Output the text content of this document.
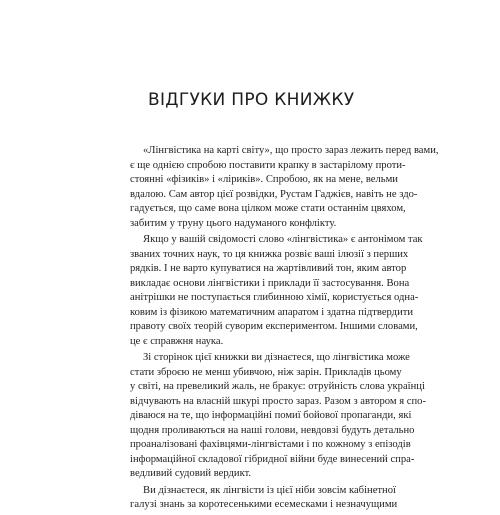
ВІДГУКИ ПРО КНИЖКУ

«Лінгвістика на карті світу», що просто зараз лежить перед вами,
є ще однією спробою поставити крапку в застарілому проти-
стоянні «фізиків» і «ліриків». Спробою, як на мене, вельми
вдалою. Сам автор цієї розвідки, Рустам Гаджієв, навіть не здо-
гадується, що саме вона цілком може стати останнім цвяхом,
забитим у труну цього надуманого конфлікту.

Якщо у вашій свідомості слово «лінгвістика» є антонімом так
званих точних наук, то ця книжка розвіє ваші ілюзії з перших
рядків. І не варто купуватися на жартівливий тон, яким автор
викладає основи лінгвістики і приклади її застосування. Вона
анітрішки не поступається глибинною хімії, користується одна-
ковим із фізикою математичним апаратом і здатна підтвердити
правоту своїх теорій суворим експериментом. Іншими словами,
це є справжня наука.

Зі сторінок цієї книжки ви дізнаєтеся, що лінгвістика може
стати зброєю не менш убивчою, ніж зарін. Прикладів цьому
у світі, на превеликий жаль, не бракує: отруйність слова українці
відчувають на власній шкурі просто зараз. Разом з автором я спо-
діваюся на те, що інформаційні помиї бойової пропаганди, які
щодня проливаються на наші голови, невдовзі будуть детально
проаналізовані фахівцями-лінгвістами і по кожному з епізодів
інформаційної складової гібридної війни буде винесений спра-
ведливий судовий вердикт.

Ви дізнаєтеся, як лінгвісти із цієї ніби зовсім кабінетної
галузі знань за коротесенькими есемесками і незначущими
